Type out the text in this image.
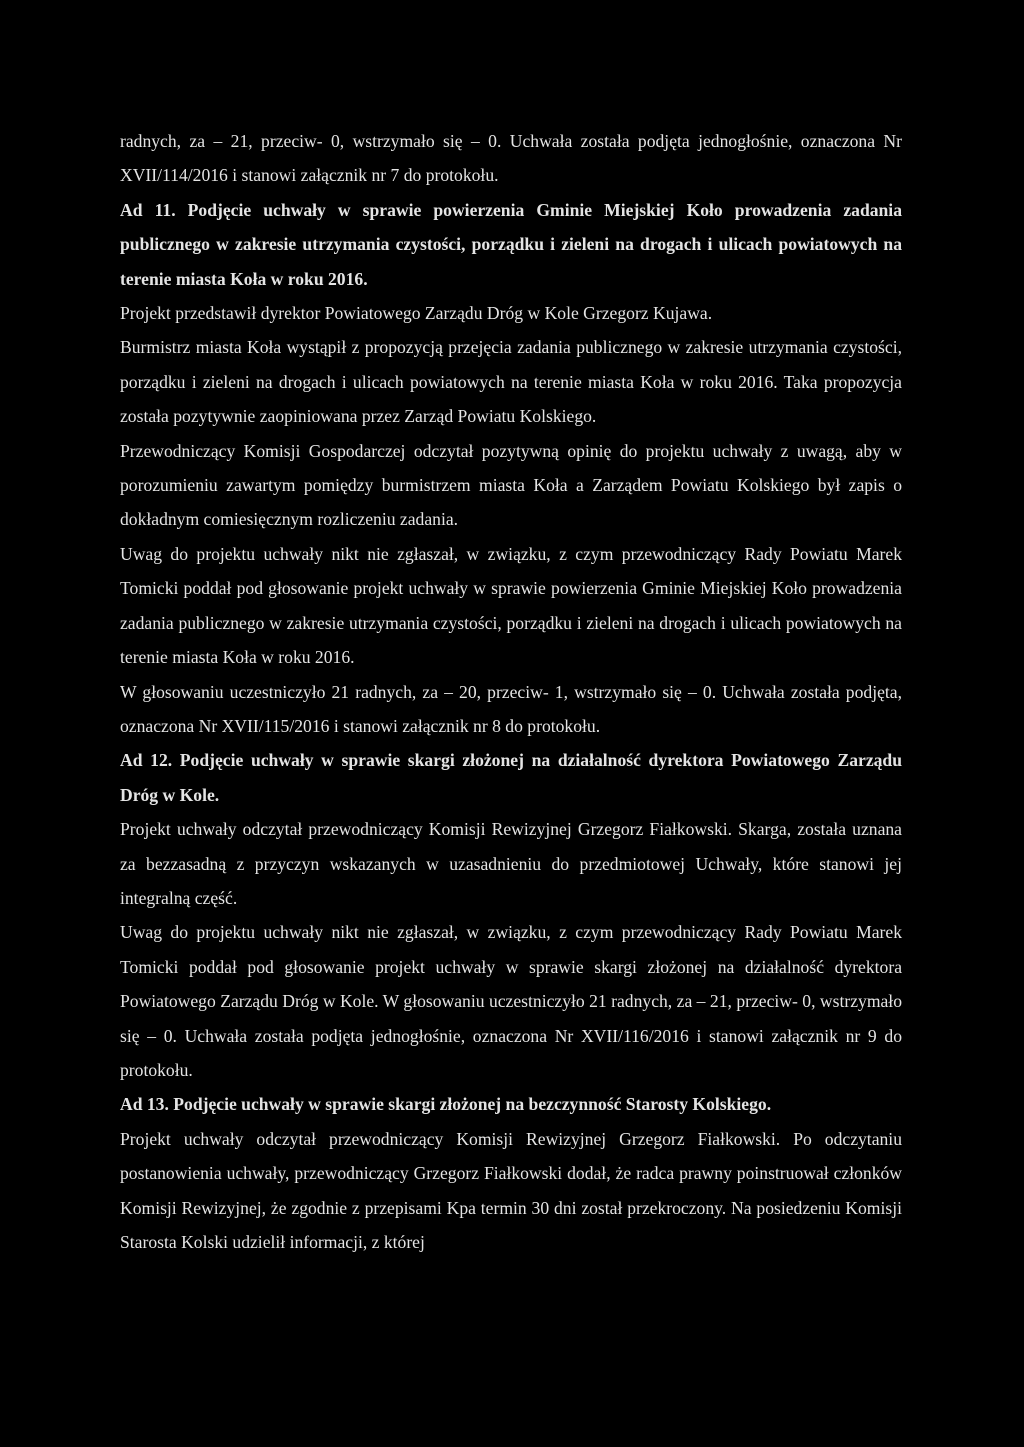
radnych, za – 21, przeciw- 0, wstrzymało się – 0. Uchwała została podjęta jednogłośnie, oznaczona Nr XVII/114/2016 i stanowi załącznik nr 7 do protokołu.

Ad 11. Podjęcie uchwały w sprawie powierzenia Gminie Miejskiej Koło prowadzenia zadania publicznego w zakresie utrzymania czystości, porządku i zieleni na drogach i ulicach powiatowych na terenie miasta Koła w roku 2016.

Projekt przedstawił dyrektor Powiatowego Zarządu Dróg w Kole Grzegorz Kujawa.

Burmistrz miasta Koła wystąpił z propozycją przejęcia zadania publicznego w zakresie utrzymania czystości, porządku i zieleni na drogach i ulicach powiatowych na terenie miasta Koła w roku 2016. Taka propozycja została pozytywnie zaopiniowana przez Zarząd Powiatu Kolskiego.

Przewodniczący Komisji Gospodarczej odczytał pozytywną opinię do projektu uchwały z uwagą, aby w porozumieniu zawartym pomiędzy burmistrzem miasta Koła a Zarządem Powiatu Kolskiego był zapis o dokładnym comiesięcznym rozliczeniu zadania.

Uwag do projektu uchwały nikt nie zgłaszał, w związku, z czym przewodniczący Rady Powiatu Marek Tomicki poddał pod głosowanie projekt uchwały w sprawie powierzenia Gminie Miejskiej Koło prowadzenia zadania publicznego w zakresie utrzymania czystości, porządku i zieleni na drogach i ulicach powiatowych na terenie miasta Koła w roku 2016.

W głosowaniu uczestniczyło 21 radnych, za – 20, przeciw- 1, wstrzymało się – 0. Uchwała została podjęta, oznaczona Nr XVII/115/2016 i stanowi załącznik nr 8 do protokołu.

Ad 12. Podjęcie uchwały w sprawie skargi złożonej na działalność dyrektora Powiatowego Zarządu Dróg w Kole.

Projekt uchwały odczytał przewodniczący Komisji Rewizyjnej Grzegorz Fiałkowski. Skarga, została uznana za bezzasadną z przyczyn wskazanych w uzasadnieniu do przedmiotowej Uchwały, które stanowi jej integralną część.

Uwag do projektu uchwały nikt nie zgłaszał, w związku, z czym przewodniczący Rady Powiatu Marek Tomicki poddał pod głosowanie projekt uchwały w sprawie skargi złożonej na działalność dyrektora Powiatowego Zarządu Dróg w Kole. W głosowaniu uczestniczyło 21 radnych, za – 21, przeciw- 0, wstrzymało się – 0. Uchwała została podjęta jednogłośnie, oznaczona Nr XVII/116/2016 i stanowi załącznik nr 9 do protokołu.

Ad 13. Podjęcie uchwały w sprawie skargi złożonej na bezczynność Starosty Kolskiego.

Projekt uchwały odczytał przewodniczący Komisji Rewizyjnej Grzegorz Fiałkowski. Po odczytaniu postanowienia uchwały, przewodniczący Grzegorz Fiałkowski dodał, że radca prawny poinstruował członków Komisji Rewizyjnej, że zgodnie z przepisami Kpa termin 30 dni został przekroczony. Na posiedzeniu Komisji Starosta Kolski udzielił informacji, z której
